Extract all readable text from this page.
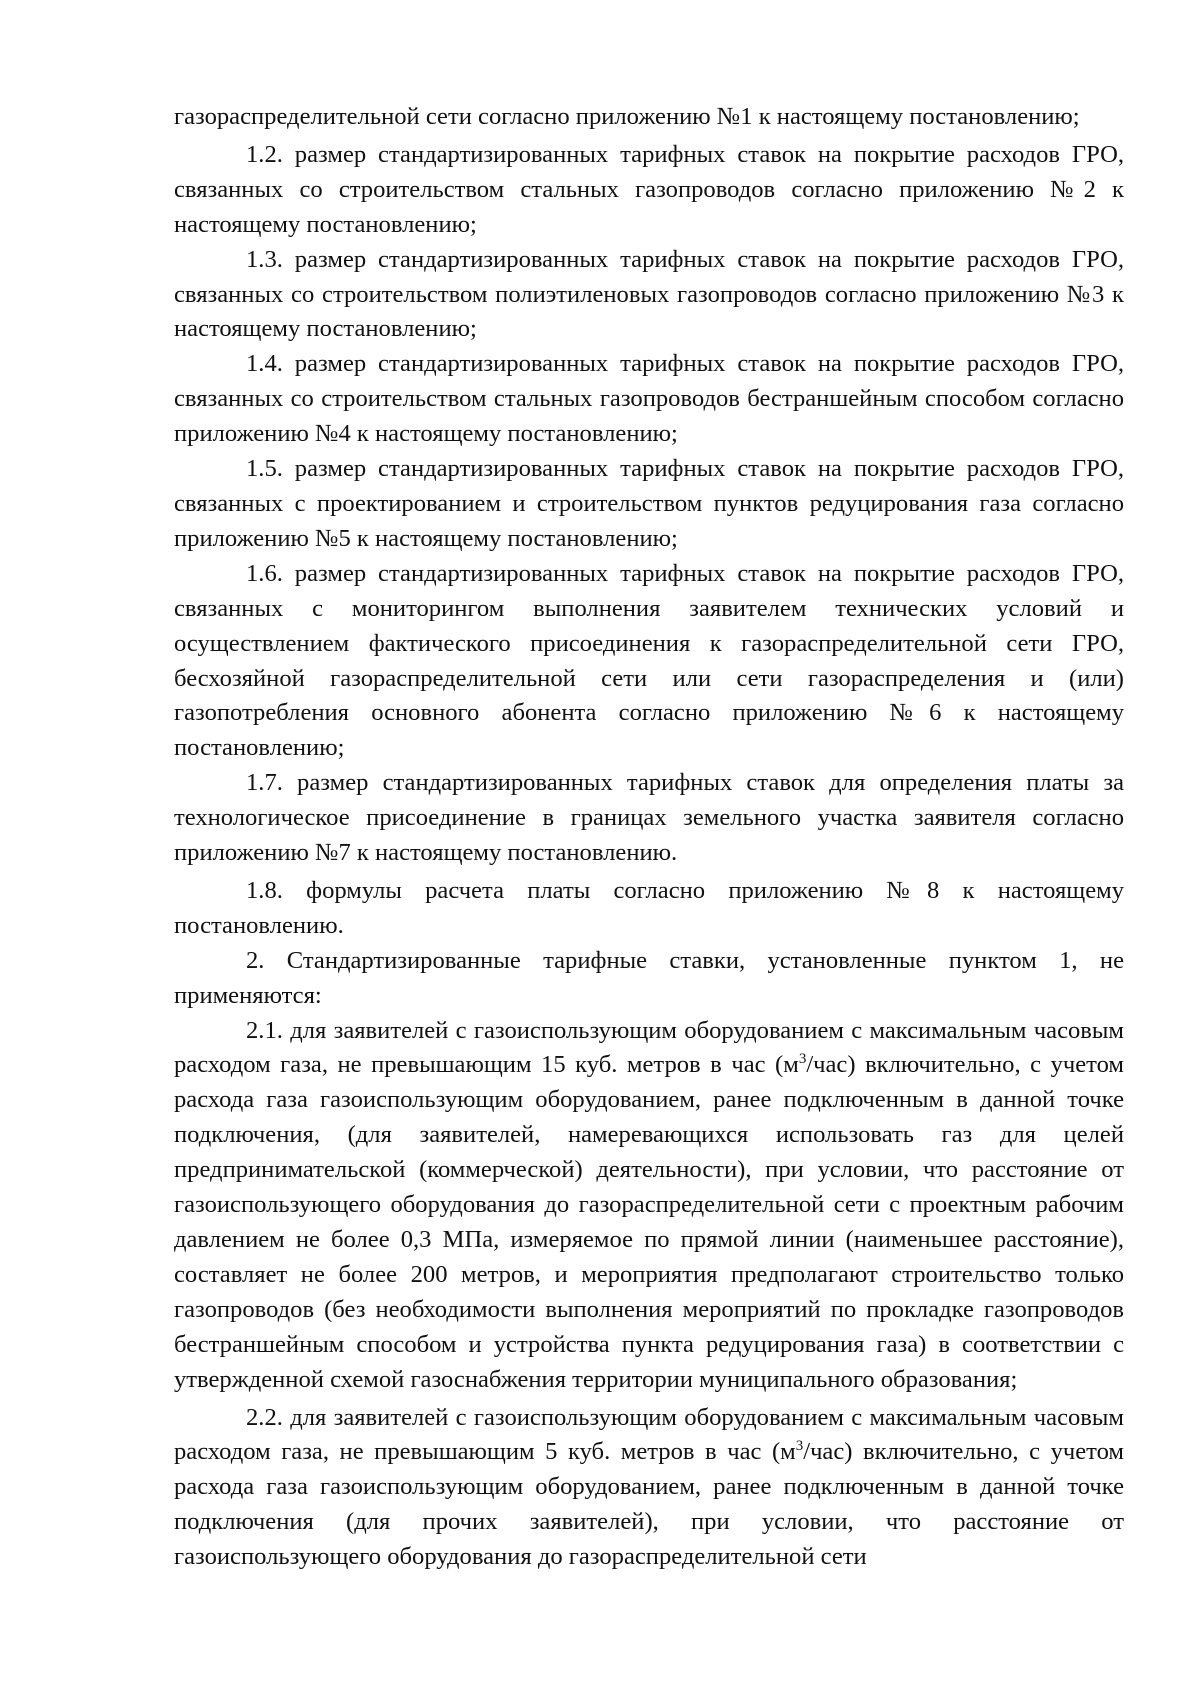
газораспределительной сети согласно приложению №1 к настоящему постановлению;

1.2. размер стандартизированных тарифных ставок на покрытие расходов ГРО, связанных со строительством стальных газопроводов согласно приложению №2 к настоящему постановлению;

1.3. размер стандартизированных тарифных ставок на покрытие расходов ГРО, связанных со строительством полиэтиленовых газопроводов согласно приложению №3 к настоящему постановлению;

1.4. размер стандартизированных тарифных ставок на покрытие расходов ГРО, связанных со строительством стальных газопроводов бестраншейным способом согласно приложению №4 к настоящему постановлению;

1.5. размер стандартизированных тарифных ставок на покрытие расходов ГРО, связанных с проектированием и строительством пунктов редуцирования газа согласно приложению №5 к настоящему постановлению;

1.6. размер стандартизированных тарифных ставок на покрытие расходов ГРО, связанных с мониторингом выполнения заявителем технических условий и осуществлением фактического присоединения к газораспределительной сети ГРО, бесхозяйной газораспределительной сети или сети газораспределения и (или) газопотребления основного абонента согласно приложению №6 к настоящему постановлению;

1.7. размер стандартизированных тарифных ставок для определения платы за технологическое присоединение в границах земельного участка заявителя согласно приложению №7 к настоящему постановлению.

1.8. формулы расчета платы согласно приложению №8 к настоящему постановлению.

2. Стандартизированные тарифные ставки, установленные пунктом 1, не применяются:

2.1. для заявителей с газоиспользующим оборудованием с максимальным часовым расходом газа, не превышающим 15 куб. метров в час $(м^3/час)$ включительно, с учетом расхода газа газоиспользующим оборудованием, ранее подключенным в данной точке подключения, (для заявителей, намеревающихся использовать газ для целей предпринимательской (коммерческой) деятельности), при условии, что расстояние от газоиспользующего оборудования до газораспределительной сети с проектным рабочим давлением не более 0,3 МПа, измеряемое по прямой линии (наименьшее расстояние), составляет не более 200 метров, и мероприятия предполагают строительство только газопроводов (без необходимости выполнения мероприятий по прокладке газопроводов бестраншейным способом и устройства пункта редуцирования газа) в соответствии с утвержденной схемой газоснабжения территории муниципального образования;

2.2. для заявителей с газоиспользующим оборудованием с максимальным часовым расходом газа, не превышающим 5 куб. метров в час $(м^3/час)$ включительно, с учетом расхода газа газоиспользующим оборудованием, ранее подключенным в данной точке подключения (для прочих заявителей), при условии, что расстояние от газоиспользующего оборудования до газораспределительной сети
